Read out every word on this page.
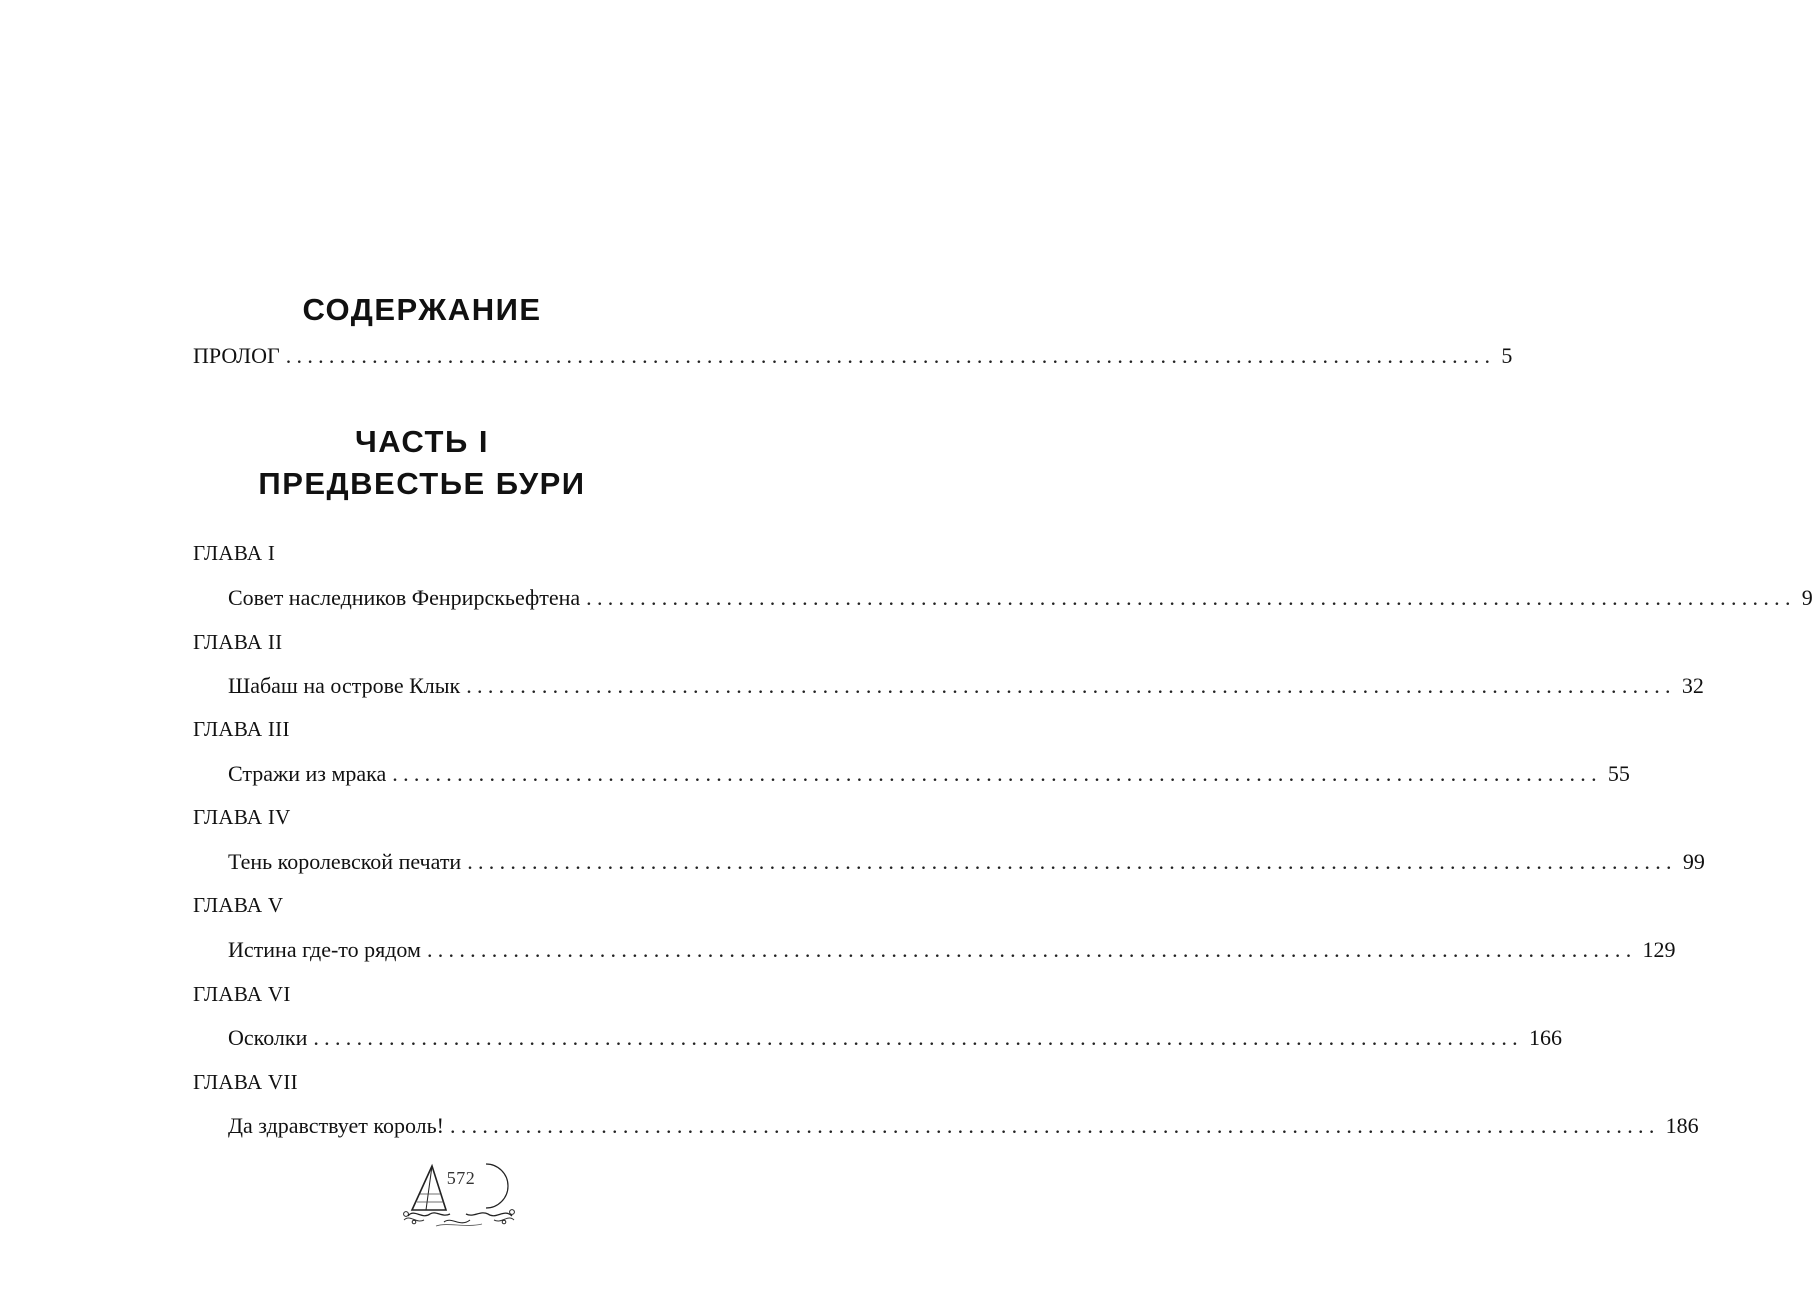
СОДЕРЖАНИЕ
ПРОЛОГ ................................................................................................................ 5
ЧАСТЬ I
ПРЕДВЕСТЬЕ БУРИ
ГЛАВА I
Совет наследников Фенрирскьефтена ................................................................................................................ 9
ГЛАВА II
Шабаш на острове Клык ................................................................................................................ 32
ГЛАВА III
Стражи из мрака ................................................................................................................ 55
ГЛАВА IV
Тень королевской печати ................................................................................................................ 99
ГЛАВА V
Истина где-то рядом ................................................................................................................ 129
ГЛАВА VI
Осколки ................................................................................................................ 166
ГЛАВА VII
Да здравствует король! ................................................................................................................ 186
572
